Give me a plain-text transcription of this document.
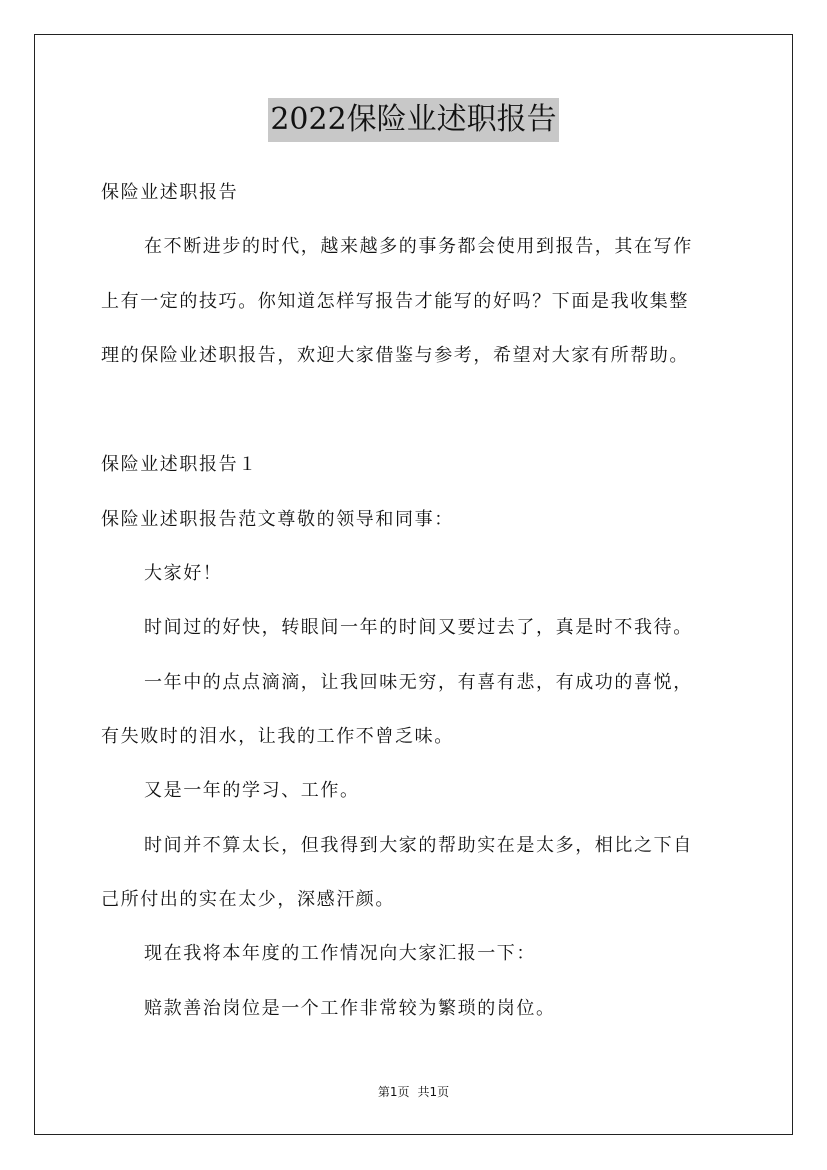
2022保险业述职报告
保险业述职报告
在不断进步的时代，越来越多的事务都会使用到报告，其在写作
上有一定的技巧。你知道怎样写报告才能写的好吗？下面是我收集整
理的保险业述职报告，欢迎大家借鉴与参考，希望对大家有所帮助。
保险业述职报告１
保险业述职报告范文尊敬的领导和同事：
大家好！
时间过的好快，转眼间一年的时间又要过去了，真是时不我待。
一年中的点点滴滴，让我回味无穷，有喜有悲，有成功的喜悦，
有失败时的泪水，让我的工作不曾乏味。
又是一年的学习、工作。
时间并不算太长，但我得到大家的帮助实在是太多，相比之下自
己所付出的实在太少，深感汗颜。
现在我将本年度的工作情况向大家汇报一下：
赔款善治岗位是一个工作非常较为繁琐的岗位。
第1页 共1页
